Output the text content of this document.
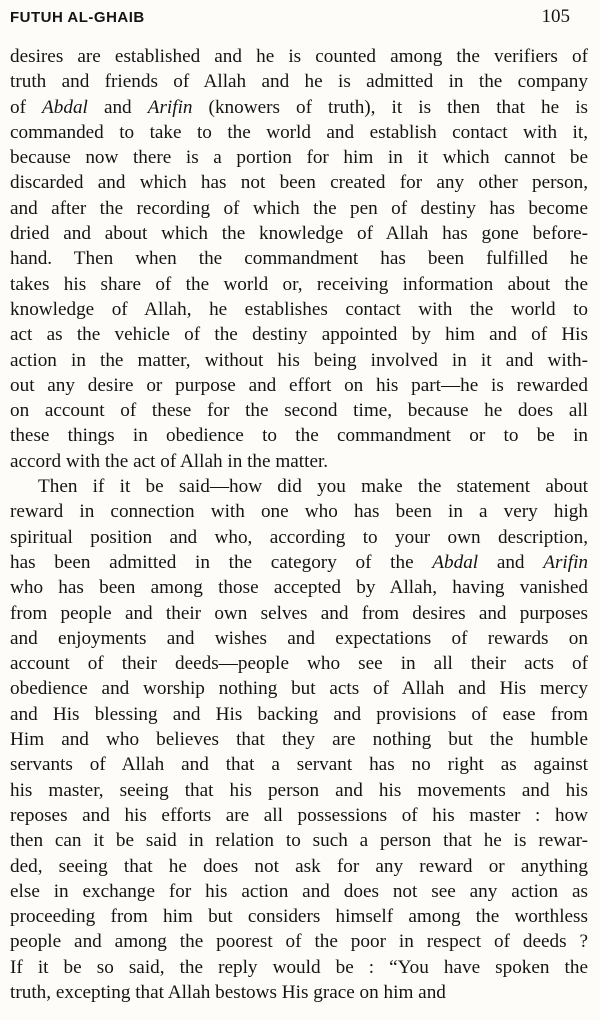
FUTUH AL-GHAIB	105
desires are established and he is counted among the verifiers of
truth and friends of Allah and he is admitted in the company
of Abdal and Arifin (knowers of truth), it is then that he is
commanded to take to the world and establish contact with it,
because now there is a portion for him in it which cannot be
discarded and which has not been created for any other person,
and after the recording of which the pen of destiny has become
dried and about which the knowledge of Allah has gone before-
hand. Then when the commandment has been fulfilled he
takes his share of the world or, receiving information about the
knowledge of Allah, he establishes contact with the world to
act as the vehicle of the destiny appointed by him and of His
action in the matter, without his being involved in it and with-
out any desire or purpose and effort on his part—he is rewarded
on account of these for the second time, because he does all
these things in obedience to the commandment or to be in
accord with the act of Allah in the matter.
Then if it be said—how did you make the statement about
reward in connection with one who has been in a very high
spiritual position and who, according to your own description,
has been admitted in the category of the Abdal and Arifin
who has been among those accepted by Allah, having vanished
from people and their own selves and from desires and purposes
and enjoyments and wishes and expectations of rewards on
account of their deeds—people who see in all their acts of
obedience and worship nothing but acts of Allah and His mercy
and His blessing and His backing and provisions of ease from
Him and who believes that they are nothing but the humble
servants of Allah and that a servant has no right as against
his master, seeing that his person and his movements and his
reposes and his efforts are all possessions of his master : how
then can it be said in relation to such a person that he is rewar-
ded, seeing that he does not ask for any reward or anything
else in exchange for his action and does not see any action as
proceeding from him but considers himself among the worthless
people and among the poorest of the poor in respect of deeds ?
If it be so said, the reply would be : “You have spoken the
truth, excepting that Allah bestows His grace on him and
